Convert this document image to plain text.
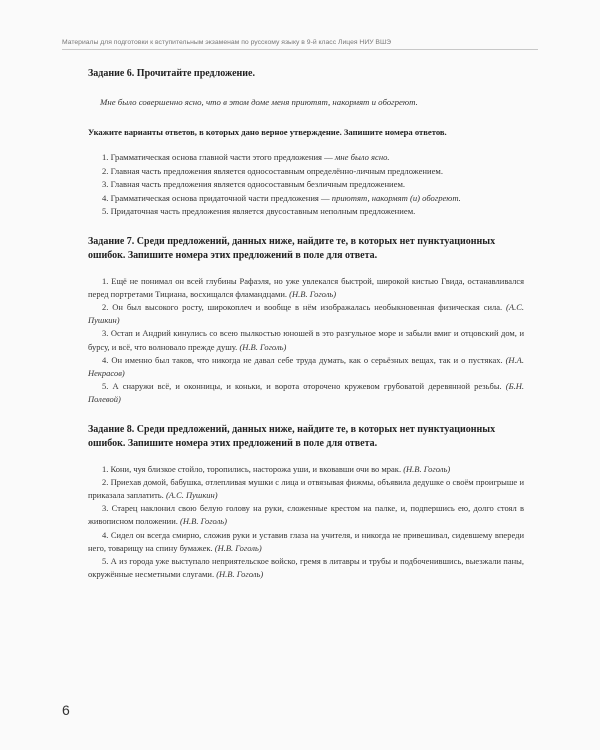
Материалы для подготовки к вступительным экзаменам по русскому языку в 9-й класс Лицея НИУ ВШЭ

Задание 6. Прочитайте предложение.

Мне было совершенно ясно, что в этом доме меня приютят, накормят и обогреют.

Укажите варианты ответов, в которых дано верное утверждение. Запишите номера ответов.

1. Грамматическая основа главной части этого предложения — мне было ясно.
2. Главная часть предложения является односоставным определённо-личным предложением.
3. Главная часть предложения является односоставным безличным предложением.
4. Грамматическая основа придаточной части предложения — приютят, накормят (и) обогреют.
5. Придаточная часть предложения является двусоставным неполным предложением.

Задание 7. Среди предложений, данных ниже, найдите те, в которых нет пунктуационных ошибок. Запишите номера этих предложений в поле для ответа.

1. Ещё не понимал он всей глубины Рафаэля, но уже увлекался быстрой, широкой кистью Гвида, останавливался перед портретами Тициана, восхищался фламандцами. (Н.В. Гоголь)
2. Он был высокого росту, широкоплеч и вообще в нём изображалась необыкновенная физическая сила. (А.С. Пушкин)
3. Остап и Андрий кинулись со всею пылкостью юношей в это разгульное море и забыли вмиг и отцовский дом, и бурсу, и всё, что волновало прежде душу. (Н.В. Гоголь)
4. Он именно был таков, что никогда не давал себе труда думать, как о серьёзных вещах, так и о пустяках. (Н.А. Некрасов)
5. А снаружи всё, и оконницы, и коньки, и ворота оторочено кружевом грубоватой деревянной резьбы. (Б.Н. Полевой)

Задание 8. Среди предложений, данных ниже, найдите те, в которых нет пунктуационных ошибок. Запишите номера этих предложений в поле для ответа.

1. Кони, чуя близкое стойло, торопились, насторожа уши, и вковавши очи во мрак. (Н.В. Гоголь)
2. Приехав домой, бабушка, отлепливая мушки с лица и отвязывая фижмы, объявила дедушке о своём проигрыше и приказала заплатить. (А.С. Пушкин)
3. Старец наклонил свою белую голову на руки, сложенные крестом на палке, и, подпершись ею, долго стоял в живописном положении. (Н.В. Гоголь)
4. Сидел он всегда смирно, сложив руки и уставив глаза на учителя, и никогда не привешивал, сидевшему впереди него, товарищу на спину бумажек. (Н.В. Гоголь)
5. А из города уже выступало неприятельское войско, гремя в литавры и трубы и подбоченившись, выезжали паны, окружённые несметными слугами. (Н.В. Гоголь)
6
